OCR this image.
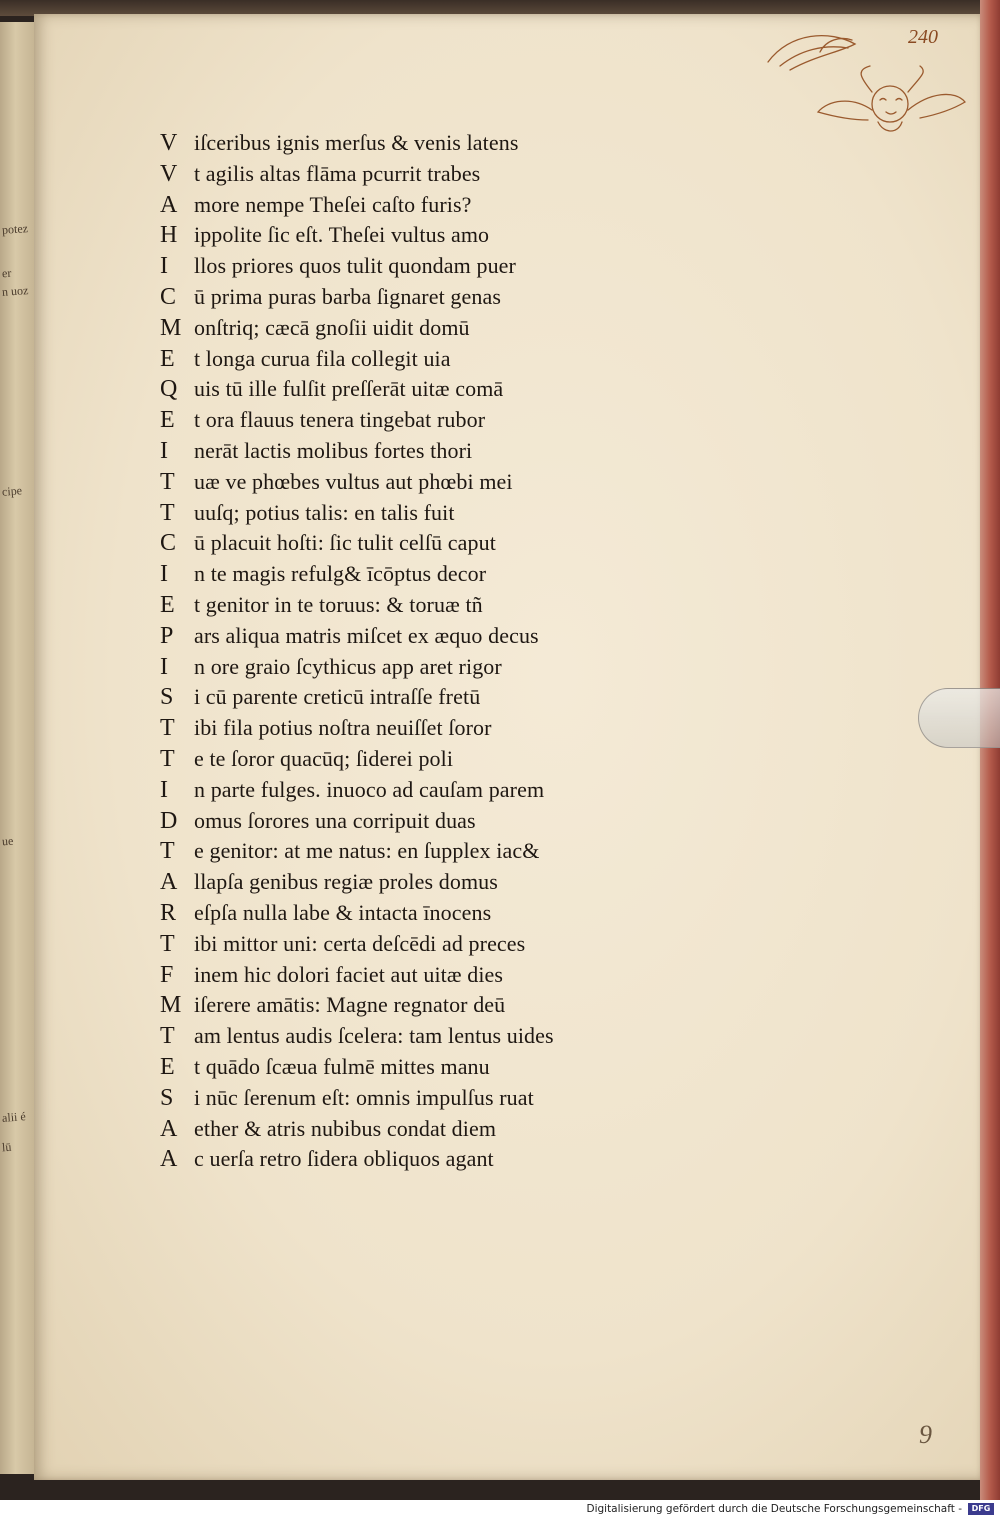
potez
er
n uoz
cipe
ue
alii é
lū
240
V iſceribus ignis merſus & venis latens
V t agilis altas flāma pcurrit trabes
A more nempe Theſei caſto furis?
H ippolite ſic eſt. Theſei vultus amo
I	llos priores quos tulit quondam puer
C ū prima puras barba ſignaret genas
M onſtriq; cæcā gnoſii uidit domū
E t longa curua fila collegit uia
Q uis tū ille fulſit preſſerāt uitæ comā
E t ora flauus tenera tingebat rubor
I	nerāt lactis molibus fortes thori
T uæ ve phœbes vultus aut phœbi mei
T uuſq; potius talis: en talis fuit
C ū placuit hoſti: ſic tulit celſū caput
I	n te magis refulg& īcōptus decor
E t genitor in te toruus: & toruæ tñ
P ars aliqua matris miſcet ex æquo decus
I	n ore graio ſcythicus app aret rigor
S i cū parente creticū intraſſe fretū
T ibi fila potius noſtra neuiſſet ſoror
T e te ſoror quacūq; ſiderei poli
I	n parte fulges. inuoco ad cauſam parem
D omus ſorores una corripuit duas
T e genitor: at me natus: en ſupplex iac&
A llapſa genibus regiæ proles domus
R eſpſa nulla labe & intacta īnocens
T ibi mittor uni: certa deſcēdi ad preces
F inem hic dolori faciet aut uitæ dies
M iſerere amātis: Magne regnator deū
T am lentus audis ſcelera: tam lentus uides
E t quādo ſcæua fulmē mittes manu
S i nūc ſerenum eſt: omnis impulſus ruat
A ether & atris nubibus condat diem
A c uerſa retro ſidera obliquos agant
9
Digitalisierung gefördert durch die Deutsche Forschungsgemeinschaft -	DFG
